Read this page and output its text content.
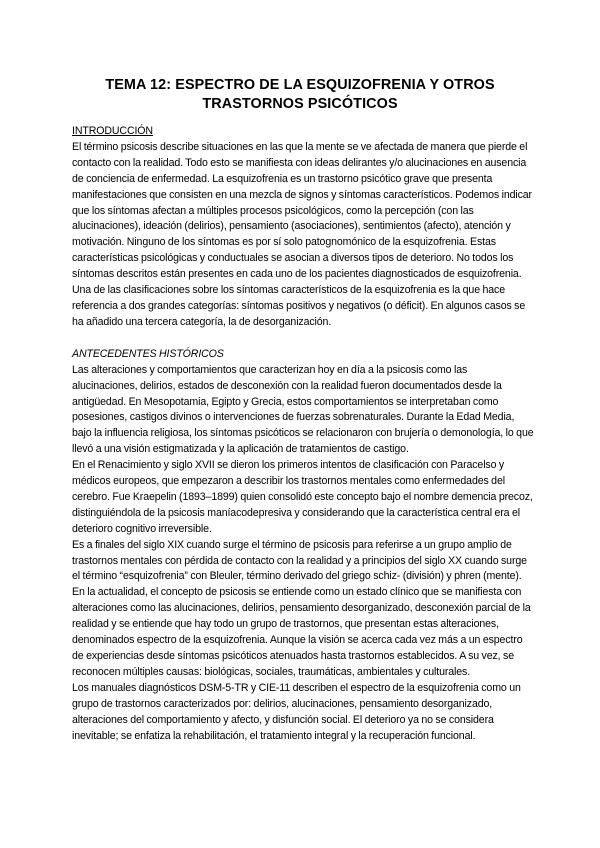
TEMA 12: ESPECTRO DE LA ESQUIZOFRENIA Y OTROS
TRASTORNOS PSICÓTICOS
INTRODUCCIÓN

El término psicosis describe situaciones en las que la mente se ve afectada de manera que pierde el contacto con la realidad. Todo esto se manifiesta con ideas delirantes y/o alucinaciones en ausencia de conciencia de enfermedad. La esquizofrenia es un trastorno psicótico grave que presenta manifestaciones que consisten en una mezcla de signos y síntomas característicos. Podemos indicar que los síntomas afectan a múltiples procesos psicológicos, como la percepción (con las alucinaciones), ideación (delirios), pensamiento (asociaciones), sentimientos (afecto), atención y motivación. Ninguno de los síntomas es por sí solo patognomónico de la esquizofrenia. Estas características psicológicas y conductuales se asocian a diversos tipos de deterioro. No todos los síntomas descritos están presentes en cada uno de los pacientes diagnosticados de esquizofrenia. Una de las clasificaciones sobre los síntomas característicos de la esquizofrenia es la que hace referencia a dos grandes categorías: síntomas positivos y negativos (o déficit). En algunos casos se ha añadido una tercera categoría, la de desorganización.

ANTECEDENTES HISTÓRICOS

Las alteraciones y comportamientos que caracterizan hoy en día a la psicosis como las alucinaciones, delirios, estados de desconexión con la realidad fueron documentados desde la antigüedad. En Mesopotamia, Egipto y Grecia, estos comportamientos se interpretaban como posesiones, castigos divinos o intervenciones de fuerzas sobrenaturales. Durante la Edad Media, bajo la influencia religiosa, los síntomas psicóticos se relacionaron con brujería o demonología, lo que llevó a una visión estigmatizada y la aplicación de tratamientos de castigo.

En el Renacimiento y siglo XVII se dieron los primeros intentos de clasificación con Paracelso y médicos europeos, que empezaron a describir los trastornos mentales como enfermedades del cerebro. Fue Kraepelin (1893–1899) quien consolidó este concepto bajo el nombre demencia precoz, distinguiéndola de la psicosis maníacodepresiva y considerando que la característica central era el deterioro cognitivo irreversible.

Es a finales del siglo XIX cuando surge el término de psicosis para referirse a un grupo amplio de trastornos mentales con pérdida de contacto con la realidad y a principios del siglo XX cuando surge el término “esquizofrenia” con Bleuler, término derivado del griego schiz- (división) y phren (mente).

En la actualidad, el concepto de psicosis se entiende como un estado clínico que se manifiesta con alteraciones como las alucinaciones, delirios, pensamiento desorganizado, desconexión parcial de la realidad y se entiende que hay todo un grupo de trastornos, que presentan estas alteraciones, denominados espectro de la esquizofrenia. Aunque la visión se acerca cada vez más a un espectro de experiencias desde síntomas psicóticos atenuados hasta trastornos establecidos. A su vez, se reconocen múltiples causas: biológicas, sociales, traumáticas, ambientales y culturales.

Los manuales diagnósticos DSM-5-TR y CIE-11 describen el espectro de la esquizofrenia como un grupo de trastornos caracterizados por: delirios, alucinaciones, pensamiento desorganizado, alteraciones del comportamiento y afecto, y disfunción social. El deterioro ya no se considera inevitable; se enfatiza la rehabilitación, el tratamiento integral y la recuperación funcional.
